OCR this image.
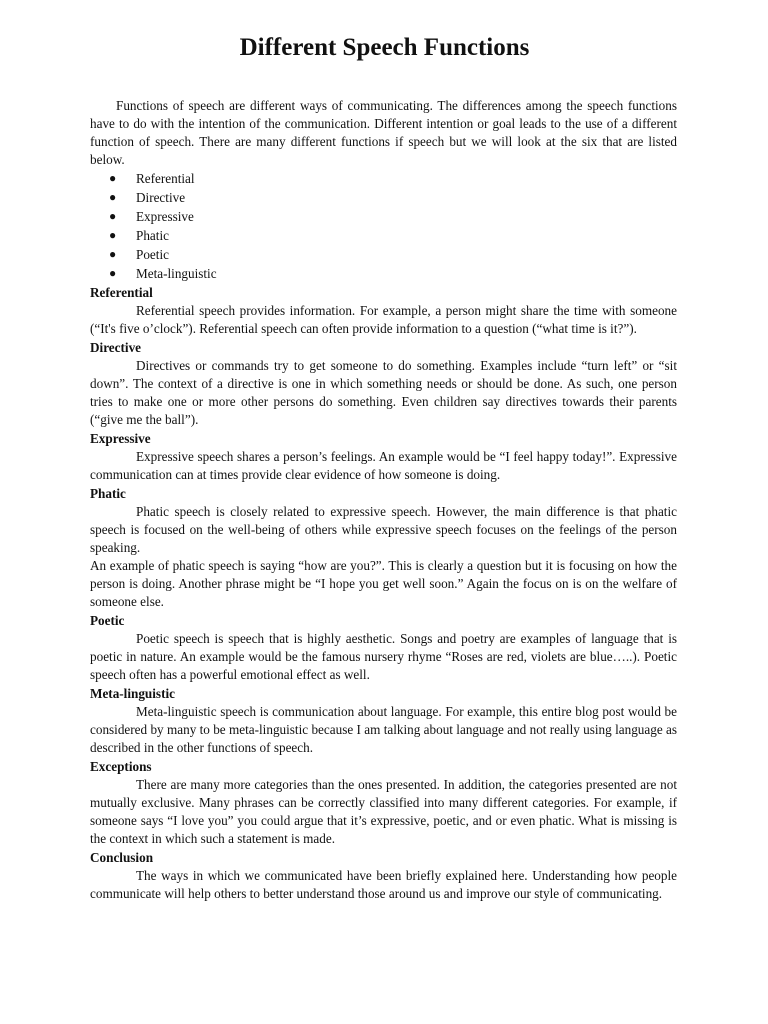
Different Speech Functions

Functions of speech are different ways of communicating. The differences among the speech functions have to do with the intention of the communication. Different intention or goal leads to the use of a different function of speech. There are many different functions if speech but we will look at the six that are listed below.

● Referential
● Directive
● Expressive
● Phatic
● Poetic
● Meta-linguistic

Referential

Referential speech provides information. For example, a person might share the time with someone (“It's five o’clock”). Referential speech can often provide information to a question (“what time is it?”).

Directive

Directives or commands try to get someone to do something. Examples include “turn left” or “sit down”. The context of a directive is one in which something needs or should be done. As such, one person tries to make one or more other persons do something. Even children say directives towards their parents (“give me the ball”).

Expressive

Expressive speech shares a person’s feelings. An example would be “I feel happy today!”. Expressive communication can at times provide clear evidence of how someone is doing.

Phatic

Phatic speech is closely related to expressive speech. However, the main difference is that phatic speech is focused on the well-being of others while expressive speech focuses on the feelings of the person speaking.

An example of phatic speech is saying “how are you?”. This is clearly a question but it is focusing on how the person is doing. Another phrase might be “I hope you get well soon.” Again the focus on is on the welfare of someone else.

Poetic

Poetic speech is speech that is highly aesthetic. Songs and poetry are examples of language that is poetic in nature. An example would be the famous nursery rhyme “Roses are red, violets are blue…..). Poetic speech often has a powerful emotional effect as well.

Meta-linguistic

Meta-linguistic speech is communication about language. For example, this entire blog post would be considered by many to be meta-linguistic because I am talking about language and not really using language as described in the other functions of speech.

Exceptions

There are many more categories than the ones presented. In addition, the categories presented are not mutually exclusive. Many phrases can be correctly classified into many different categories. For example, if someone says “I love you” you could argue that it’s expressive, poetic, and or even phatic. What is missing is the context in which such a statement is made.

Conclusion

The ways in which we communicated have been briefly explained here. Understanding how people communicate will help others to better understand those around us and improve our style of communicating.
